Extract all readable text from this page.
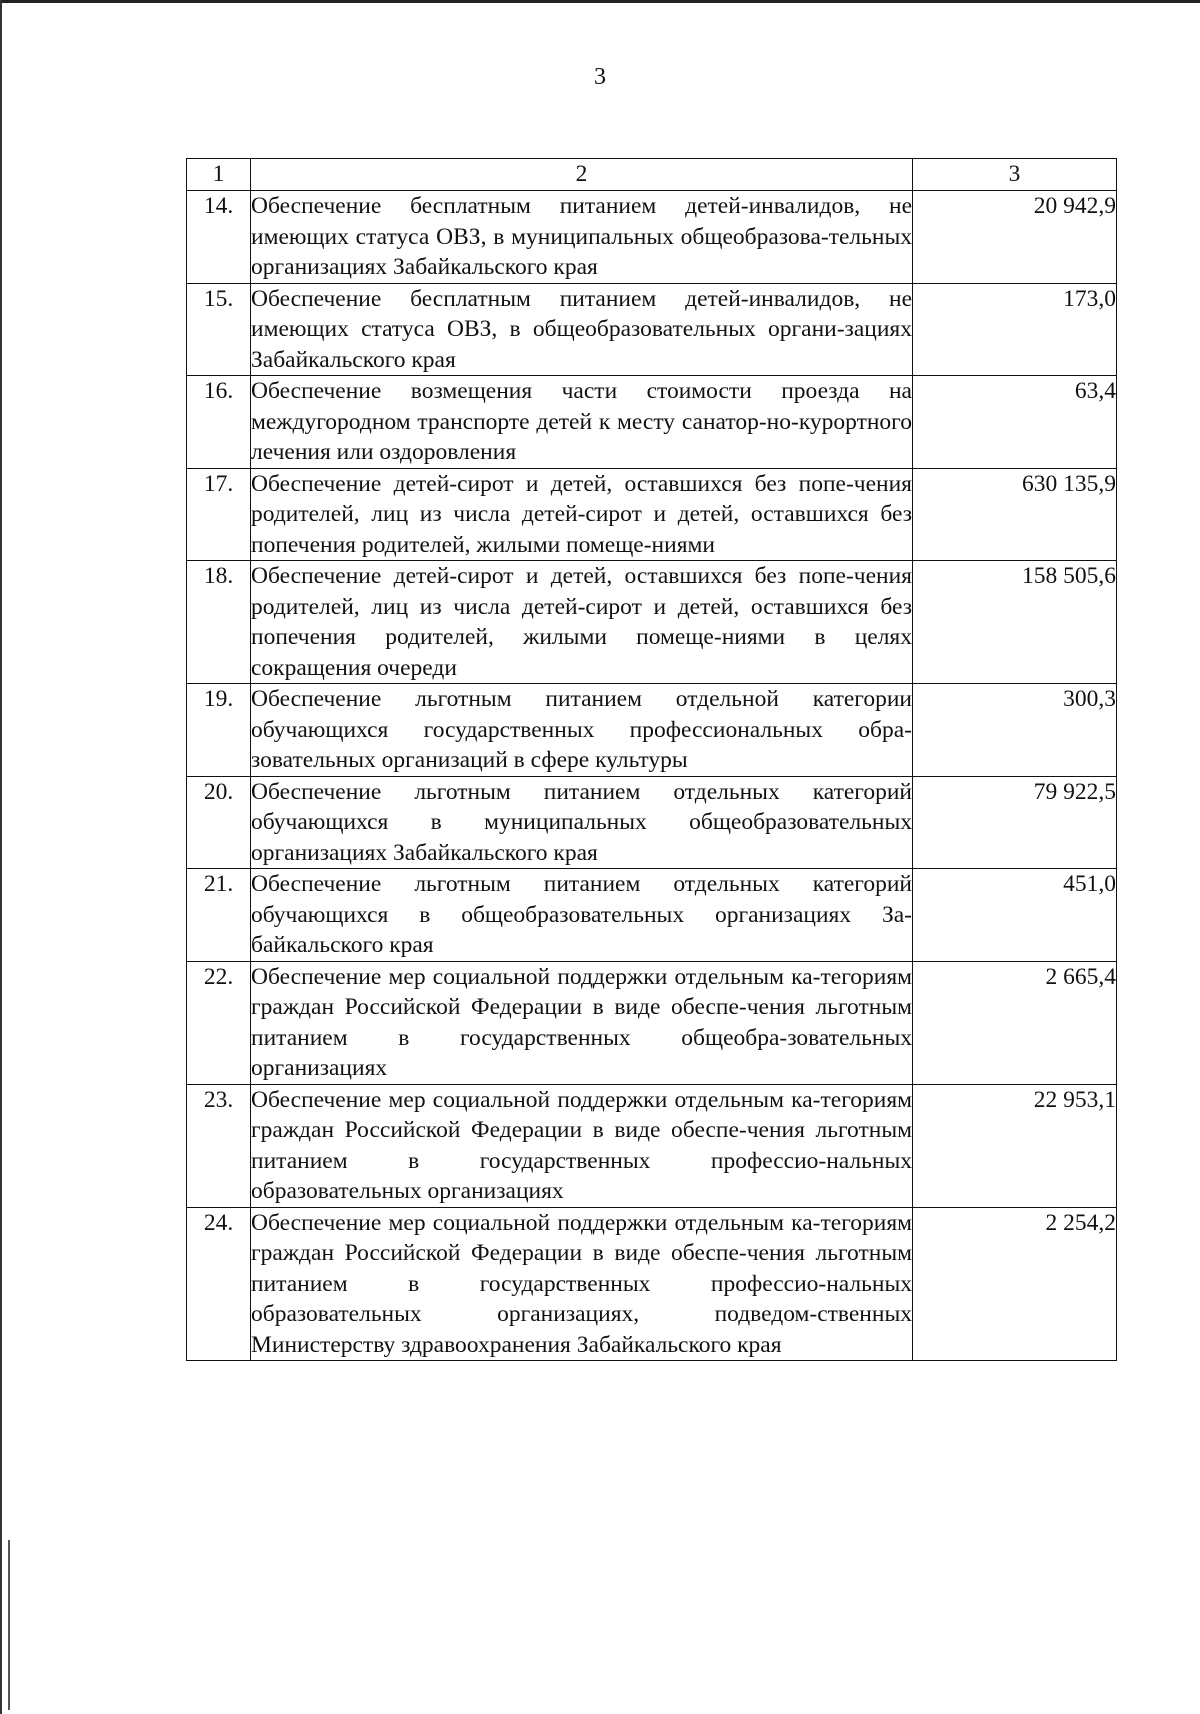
3
1	2	3
14.	Обеспечение бесплатным питанием детей-инвалидов, не имеющих статуса ОВЗ, в муниципальных общеобразова-тельных организациях Забайкальского края	20 942,9
15.	Обеспечение бесплатным питанием детей-инвалидов, не имеющих статуса ОВЗ, в общеобразовательных органи-зациях Забайкальского края	173,0
16.	Обеспечение возмещения части стоимости проезда на междугородном транспорте детей к месту санатор-но-курортного лечения или оздоровления	63,4
17.	Обеспечение детей-сирот и детей, оставшихся без попе-чения родителей, лиц из числа детей-сирот и детей, оставшихся без попечения родителей, жилыми помеще-ниями	630 135,9
18.	Обеспечение детей-сирот и детей, оставшихся без попе-чения родителей, лиц из числа детей-сирот и детей, оставшихся без попечения родителей, жилыми помеще-ниями в целях сокращения очереди	158 505,6
19.	Обеспечение льготным питанием отдельной категории обучающихся государственных профессиональных обра-зовательных организаций в сфере культуры	300,3
20.	Обеспечение льготным питанием отдельных категорий обучающихся в муниципальных общеобразовательных организациях Забайкальского края	79 922,5
21.	Обеспечение льготным питанием отдельных категорий обучающихся в общеобразовательных организациях За-байкальского края	451,0
22.	Обеспечение мер социальной поддержки отдельным ка-тегориям граждан Российской Федерации в виде обеспе-чения льготным питанием в государственных общеобра-зовательных организациях	2 665,4
23.	Обеспечение мер социальной поддержки отдельным ка-тегориям граждан Российской Федерации в виде обеспе-чения льготным питанием в государственных профессио-нальных образовательных организациях	22 953,1
24.	Обеспечение мер социальной поддержки отдельным ка-тегориям граждан Российской Федерации в виде обеспе-чения льготным питанием в государственных профессио-нальных образовательных организациях, подведом-ственных Министерству здравоохранения Забайкальского края	2 254,2
